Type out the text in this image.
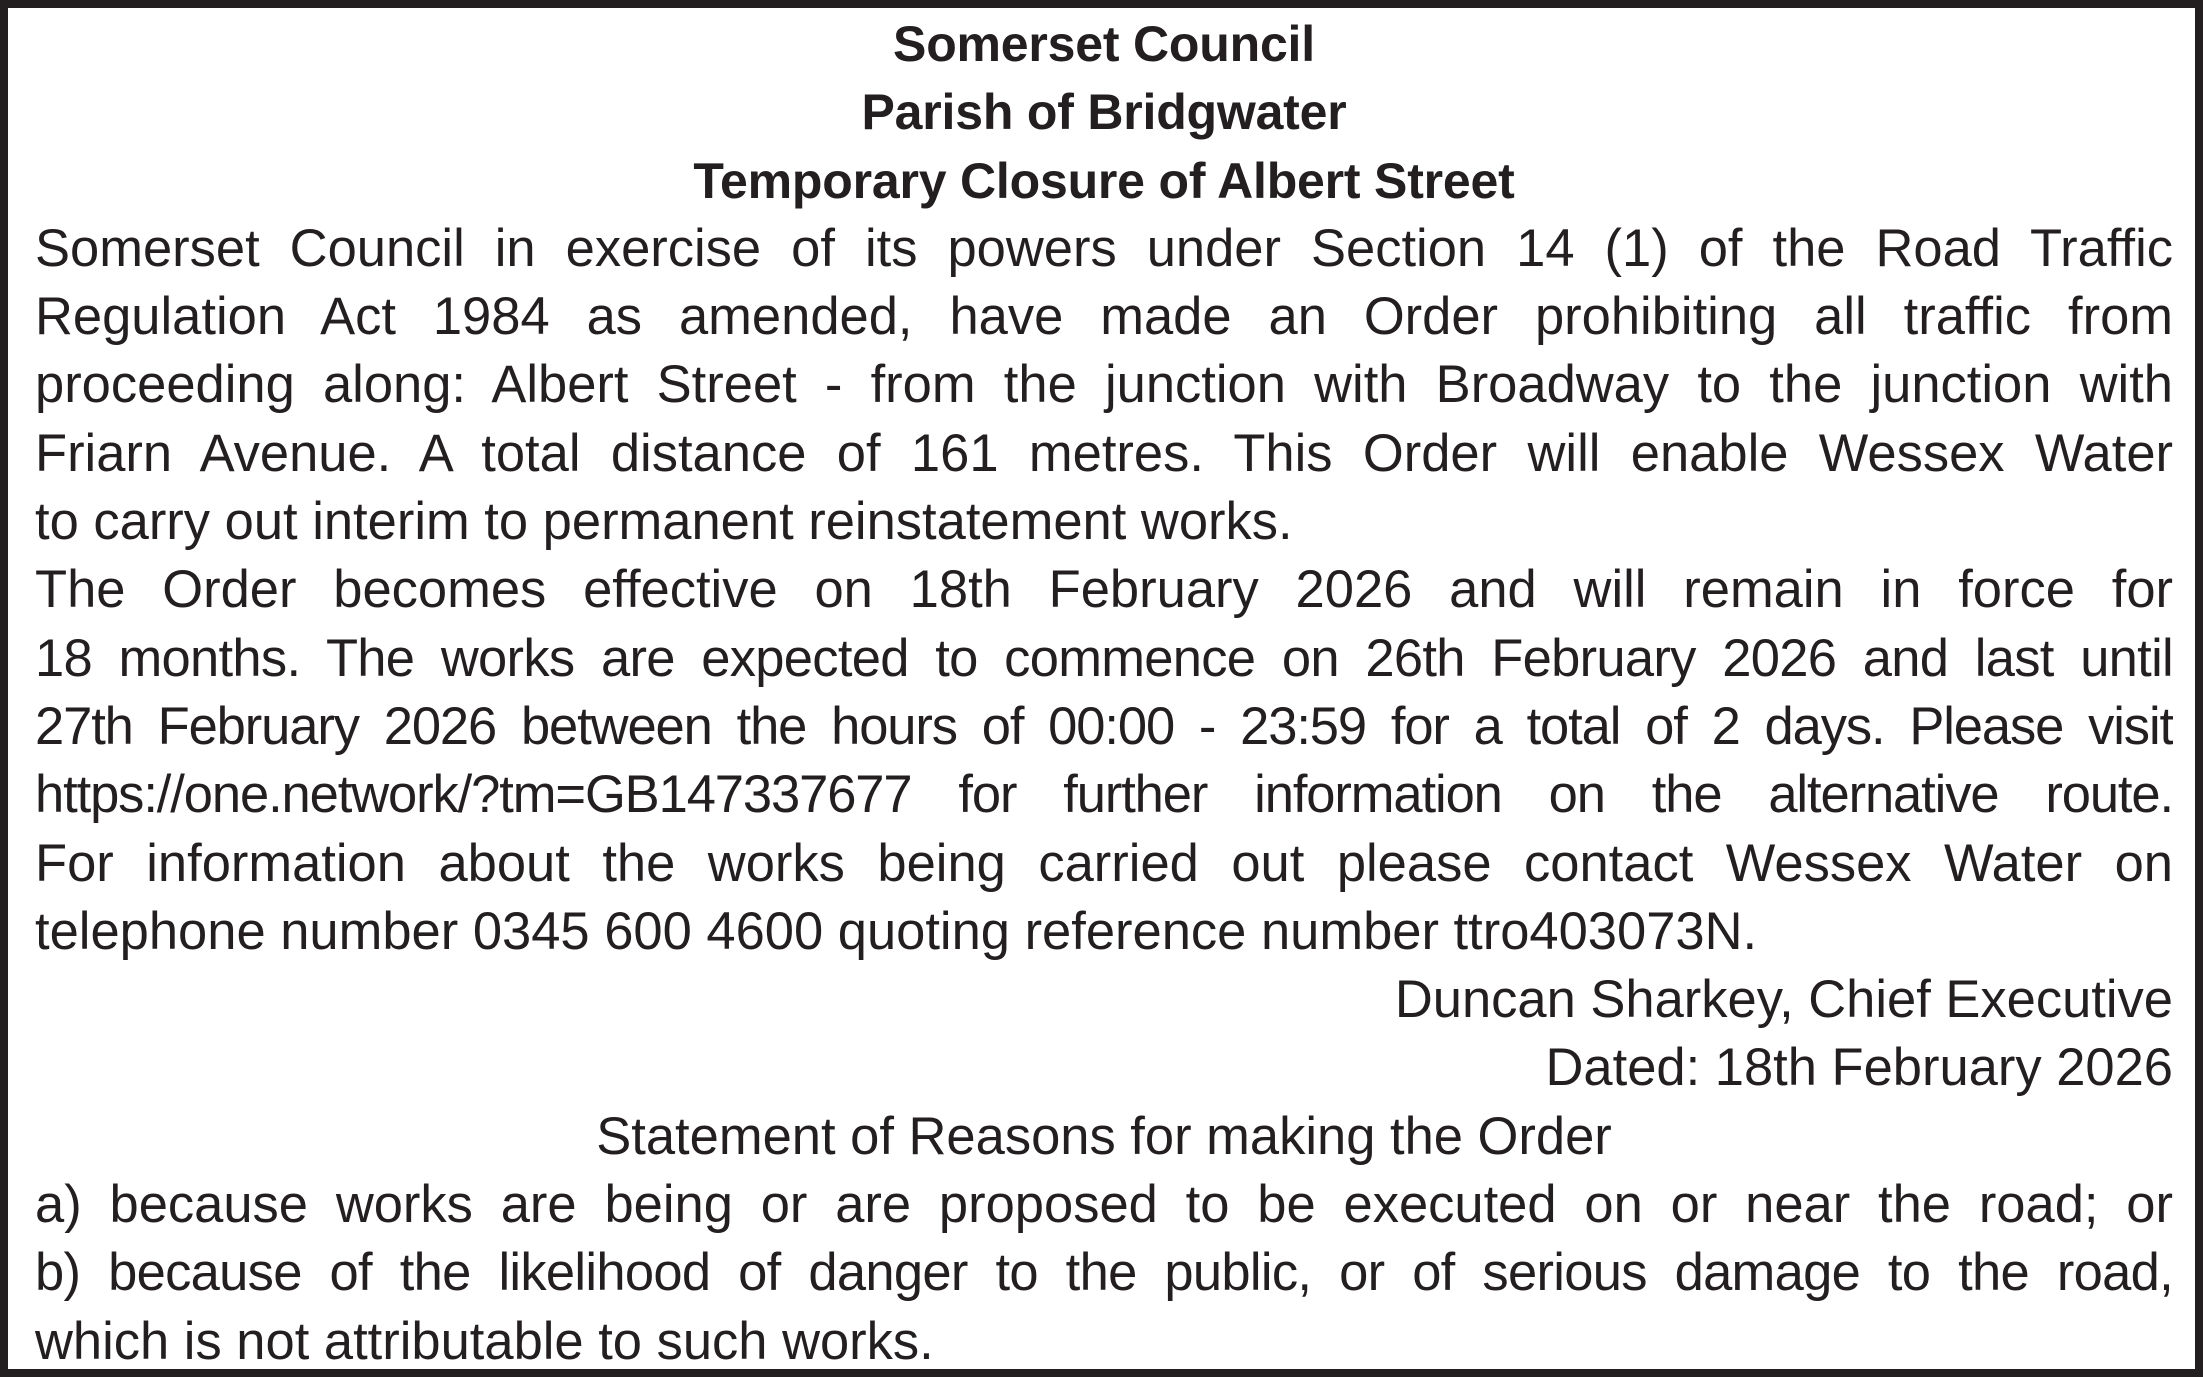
Somerset Council
Parish of Bridgwater
Temporary Closure of Albert Street
Somerset Council in exercise of its powers under Section 14 (1) of the Road Traffic
Regulation Act 1984 as amended, have made an Order prohibiting all traffic from
proceeding along: Albert Street - from the junction with Broadway to the junction with
Friarn Avenue. A total distance of 161 metres. This Order will enable Wessex Water
to carry out interim to permanent reinstatement works.
The Order becomes effective on 18th February 2026 and will remain in force for
18 months. The works are expected to commence on 26th February 2026 and last until
27th February 2026 between the hours of 00:00 - 23:59 for a total of 2 days. Please visit
https://one.network/?tm=GB147337677 for further information on the alternative route.
For information about the works being carried out please contact Wessex Water on
telephone number 0345 600 4600 quoting reference number ttro403073N.
Duncan Sharkey, Chief Executive
Dated: 18th February 2026
Statement of Reasons for making the Order
a) because works are being or are proposed to be executed on or near the road; or
b) because of the likelihood of danger to the public, or of serious damage to the road,
which is not attributable to such works.
